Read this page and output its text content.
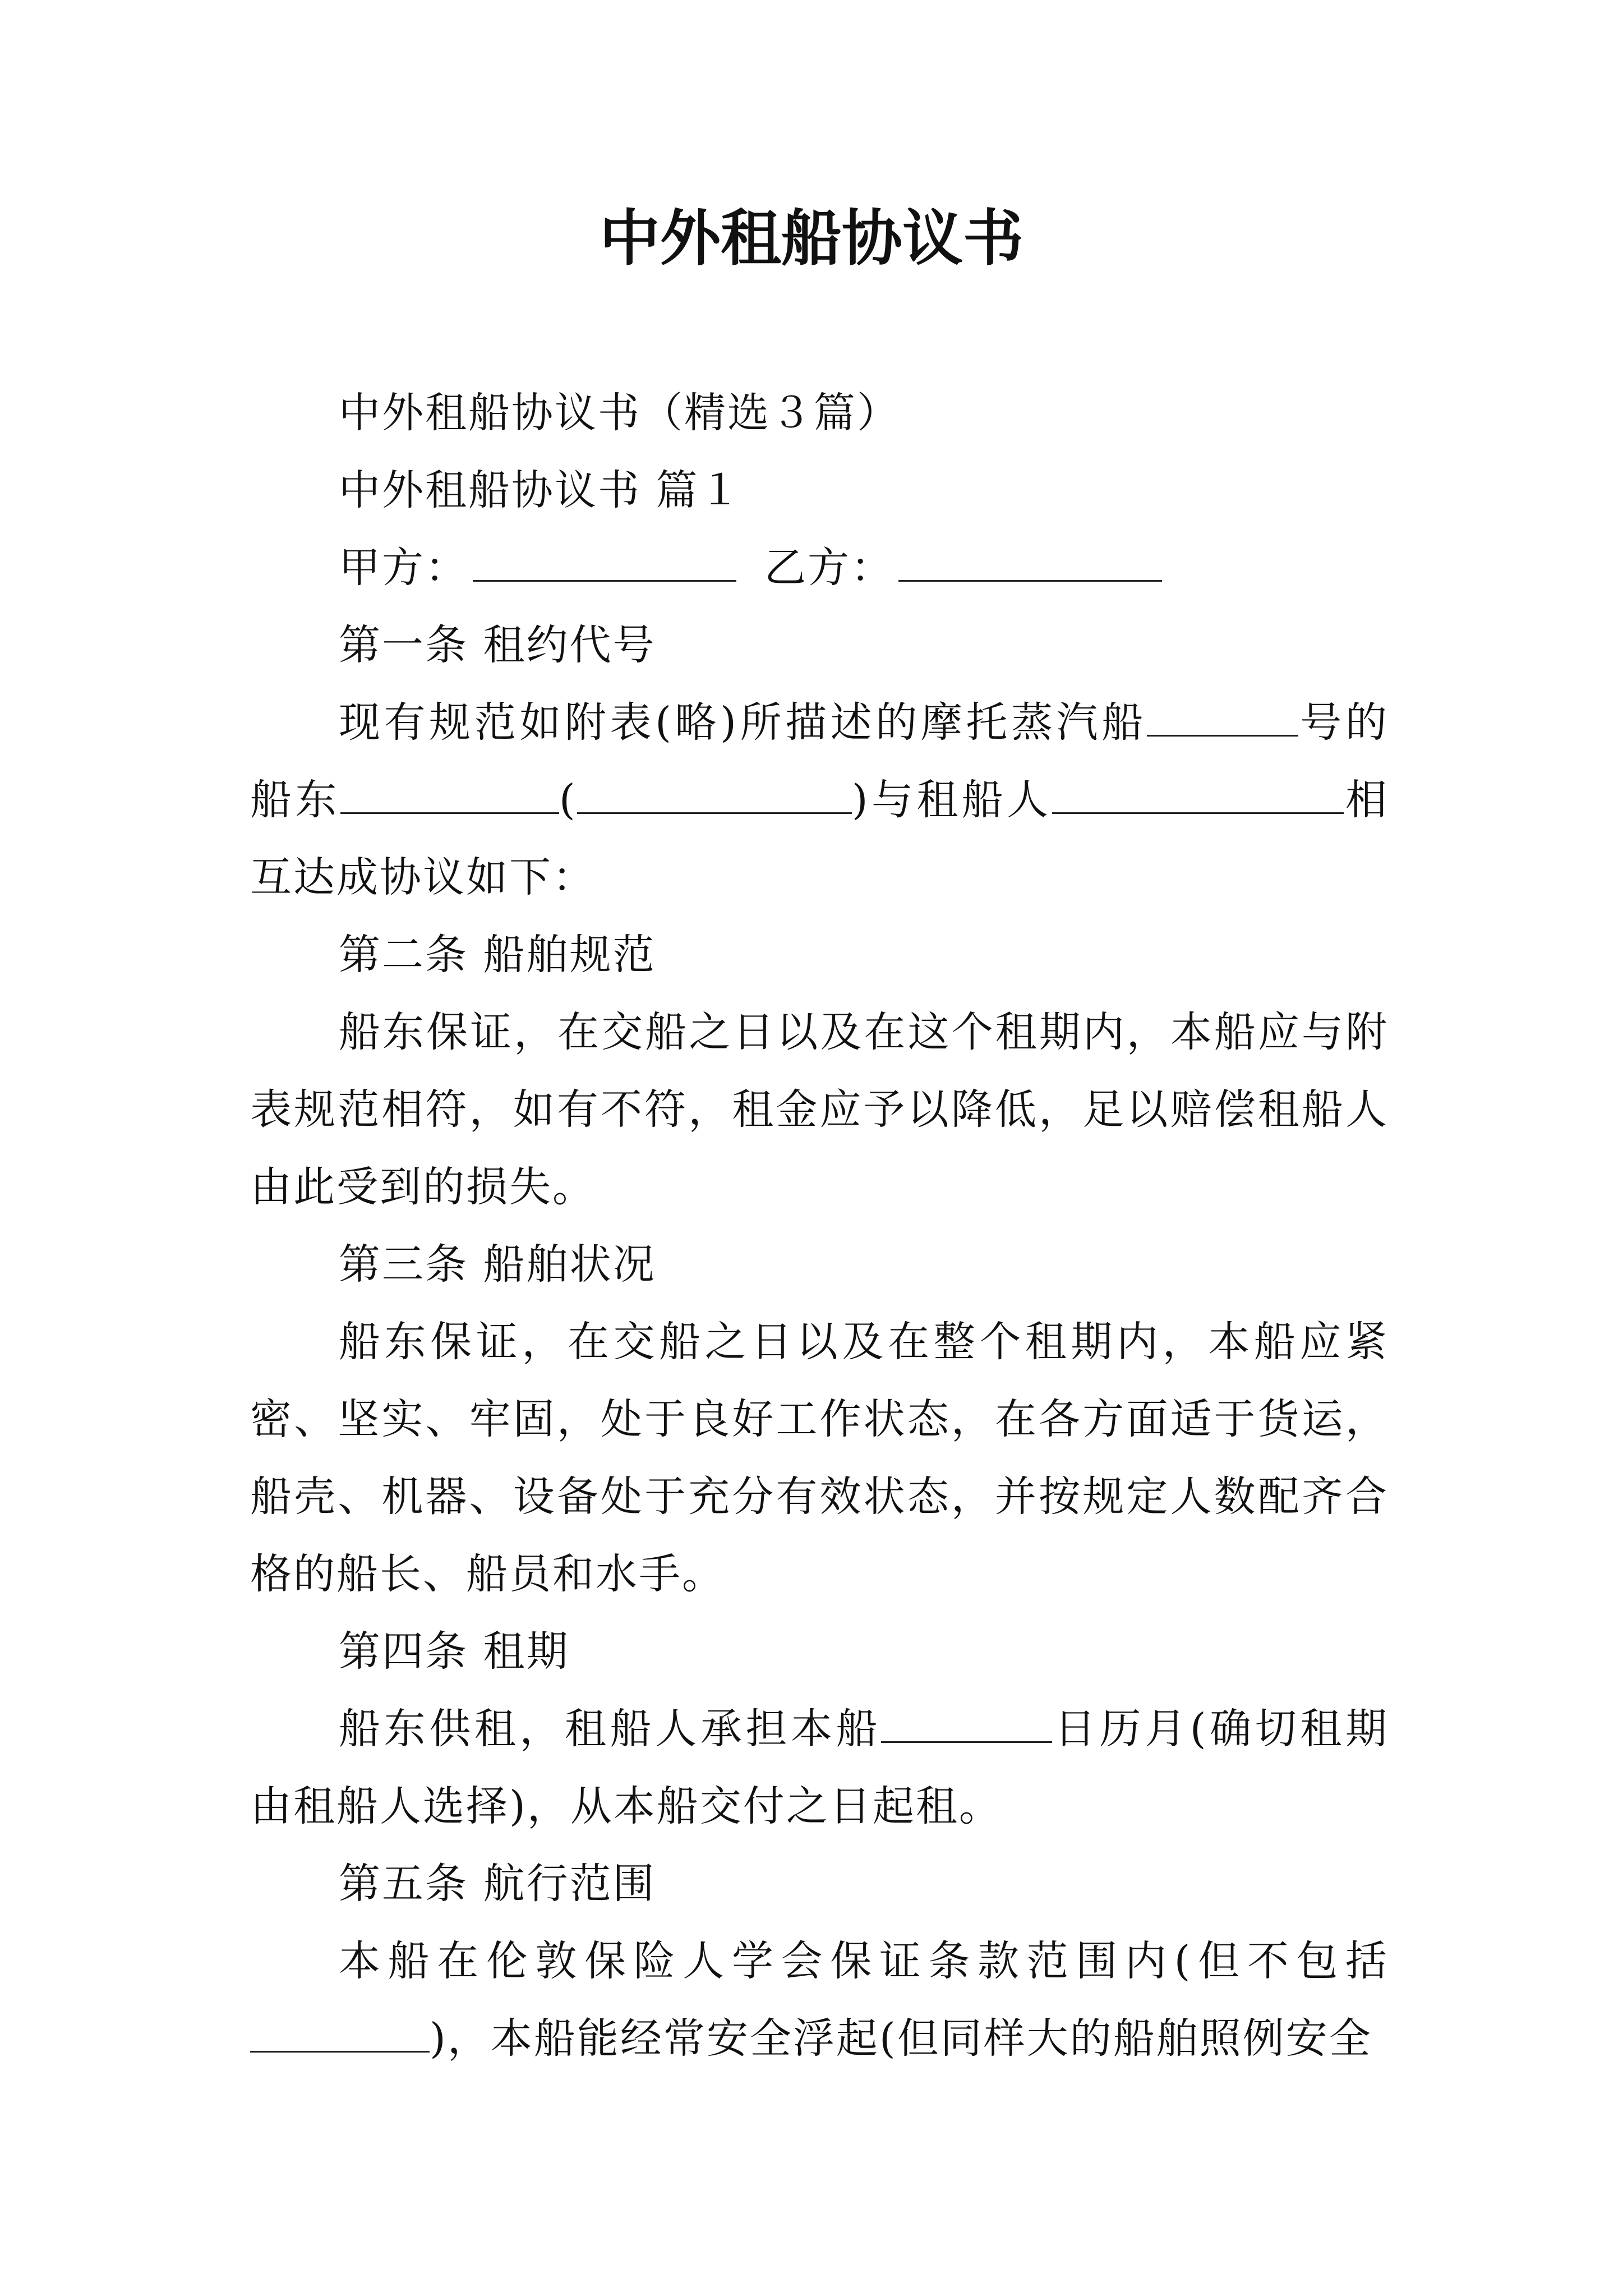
中外租船协议书

中外租船协议书（精选３篇）

中外租船协议书 篇１

甲方：	乙方：

第一条 租约代号

现有规范如附表(略)所描述的摩托蒸汽船	号的船东	(	)与租船人	相互达成协议如下：

第二条 船舶规范

船东保证，在交船之日以及在这个租期内，本船应与附表规范相符，如有不符，租金应予以降低，足以赔偿租船人由此受到的损失。

第三条 船舶状况

船东保证，在交船之日以及在整个租期内，本船应紧密、坚实、牢固，处于良好工作状态，在各方面适于货运，船壳、机器、设备处于充分有效状态，并按规定人数配齐合格的船长、船员和水手。

第四条 租期

船东供租，租船人承担本船	日历月(确切租期由租船人选择)，从本船交付之日起租。

第五条 航行范围

本船在伦敦保险人学会保证条款范围内(但不包括)，本船能经常安全浮起(但同样大的船舶照例安全
